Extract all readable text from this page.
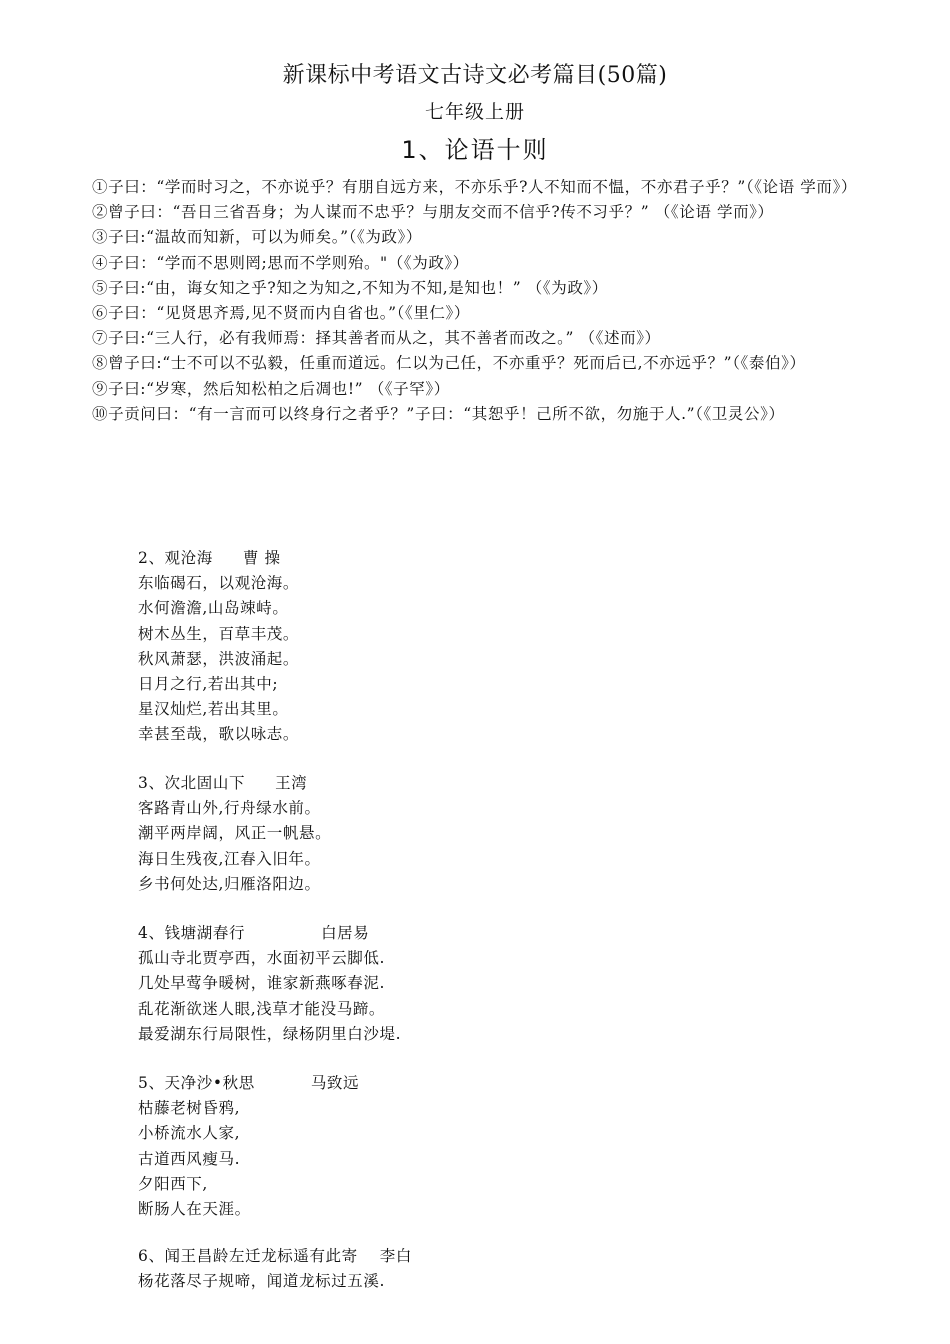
新课标中考语文古诗文必考篇目(50篇)
七年级上册
1、论语十则

①子曰：“学而时习之，不亦说乎？有朋自远方来，不亦乐乎?人不知而不愠，不亦君子乎？”（《论语 学而》）

②曾子曰：“吾日三省吾身；为人谋而不忠乎？与朋友交而不信乎?传不习乎？” （《论语 学而》）

③子曰:“温故而知新，可以为师矣。”（《为政》）

④子曰：“学而不思则罔;思而不学则殆。"（《为政》）

⑤子曰:“由，诲女知之乎?知之为知之,不知为不知,是知也！” （《为政》）

⑥子曰：“见贤思齐焉,见不贤而内自省也。”（《里仁》）

⑦子曰:“三人行，必有我师焉：择其善者而从之，其不善者而改之。” （《述而》）

⑧曾子曰:“士不可以不弘毅，任重而道远。仁以为己任，不亦重乎？死而后已,不亦远乎？”（《泰伯》）

⑨子曰:“岁寒，然后知松柏之后凋也!” （《子罕》）

⑩子贡问曰：“有一言而可以终身行之者乎？”子曰：“其恕乎！己所不欲，勿施于人.”（《卫灵公》）

2、观沧海 曹 操
东临碣石，以观沧海。
水何澹澹,山岛竦峙。
树木丛生，百草丰茂。
秋风萧瑟，洪波涌起。
日月之行,若出其中;
星汉灿烂,若出其里。
幸甚至哉，歌以咏志。
3、次北固山下 王湾
客路青山外,行舟绿水前。
潮平两岸阔，风正一帆悬。
海日生残夜,江春入旧年。
乡书何处达,归雁洛阳边。
4、钱塘湖春行	白居易
孤山寺北贾亭西，水面初平云脚低.
几处早莺争暖树，谁家新燕啄春泥.
乱花渐欲迷人眼,浅草才能没马蹄。
最爱湖东行局限性，绿杨阴里白沙堤.
5、天净沙•秋思	马致远
枯藤老树昏鸦,
小桥流水人家,
古道西风瘦马.
夕阳西下,
断肠人在天涯。
6、闻王昌龄左迁龙标遥有此寄 李白
杨花落尽子规啼，闻道龙标过五溪.
